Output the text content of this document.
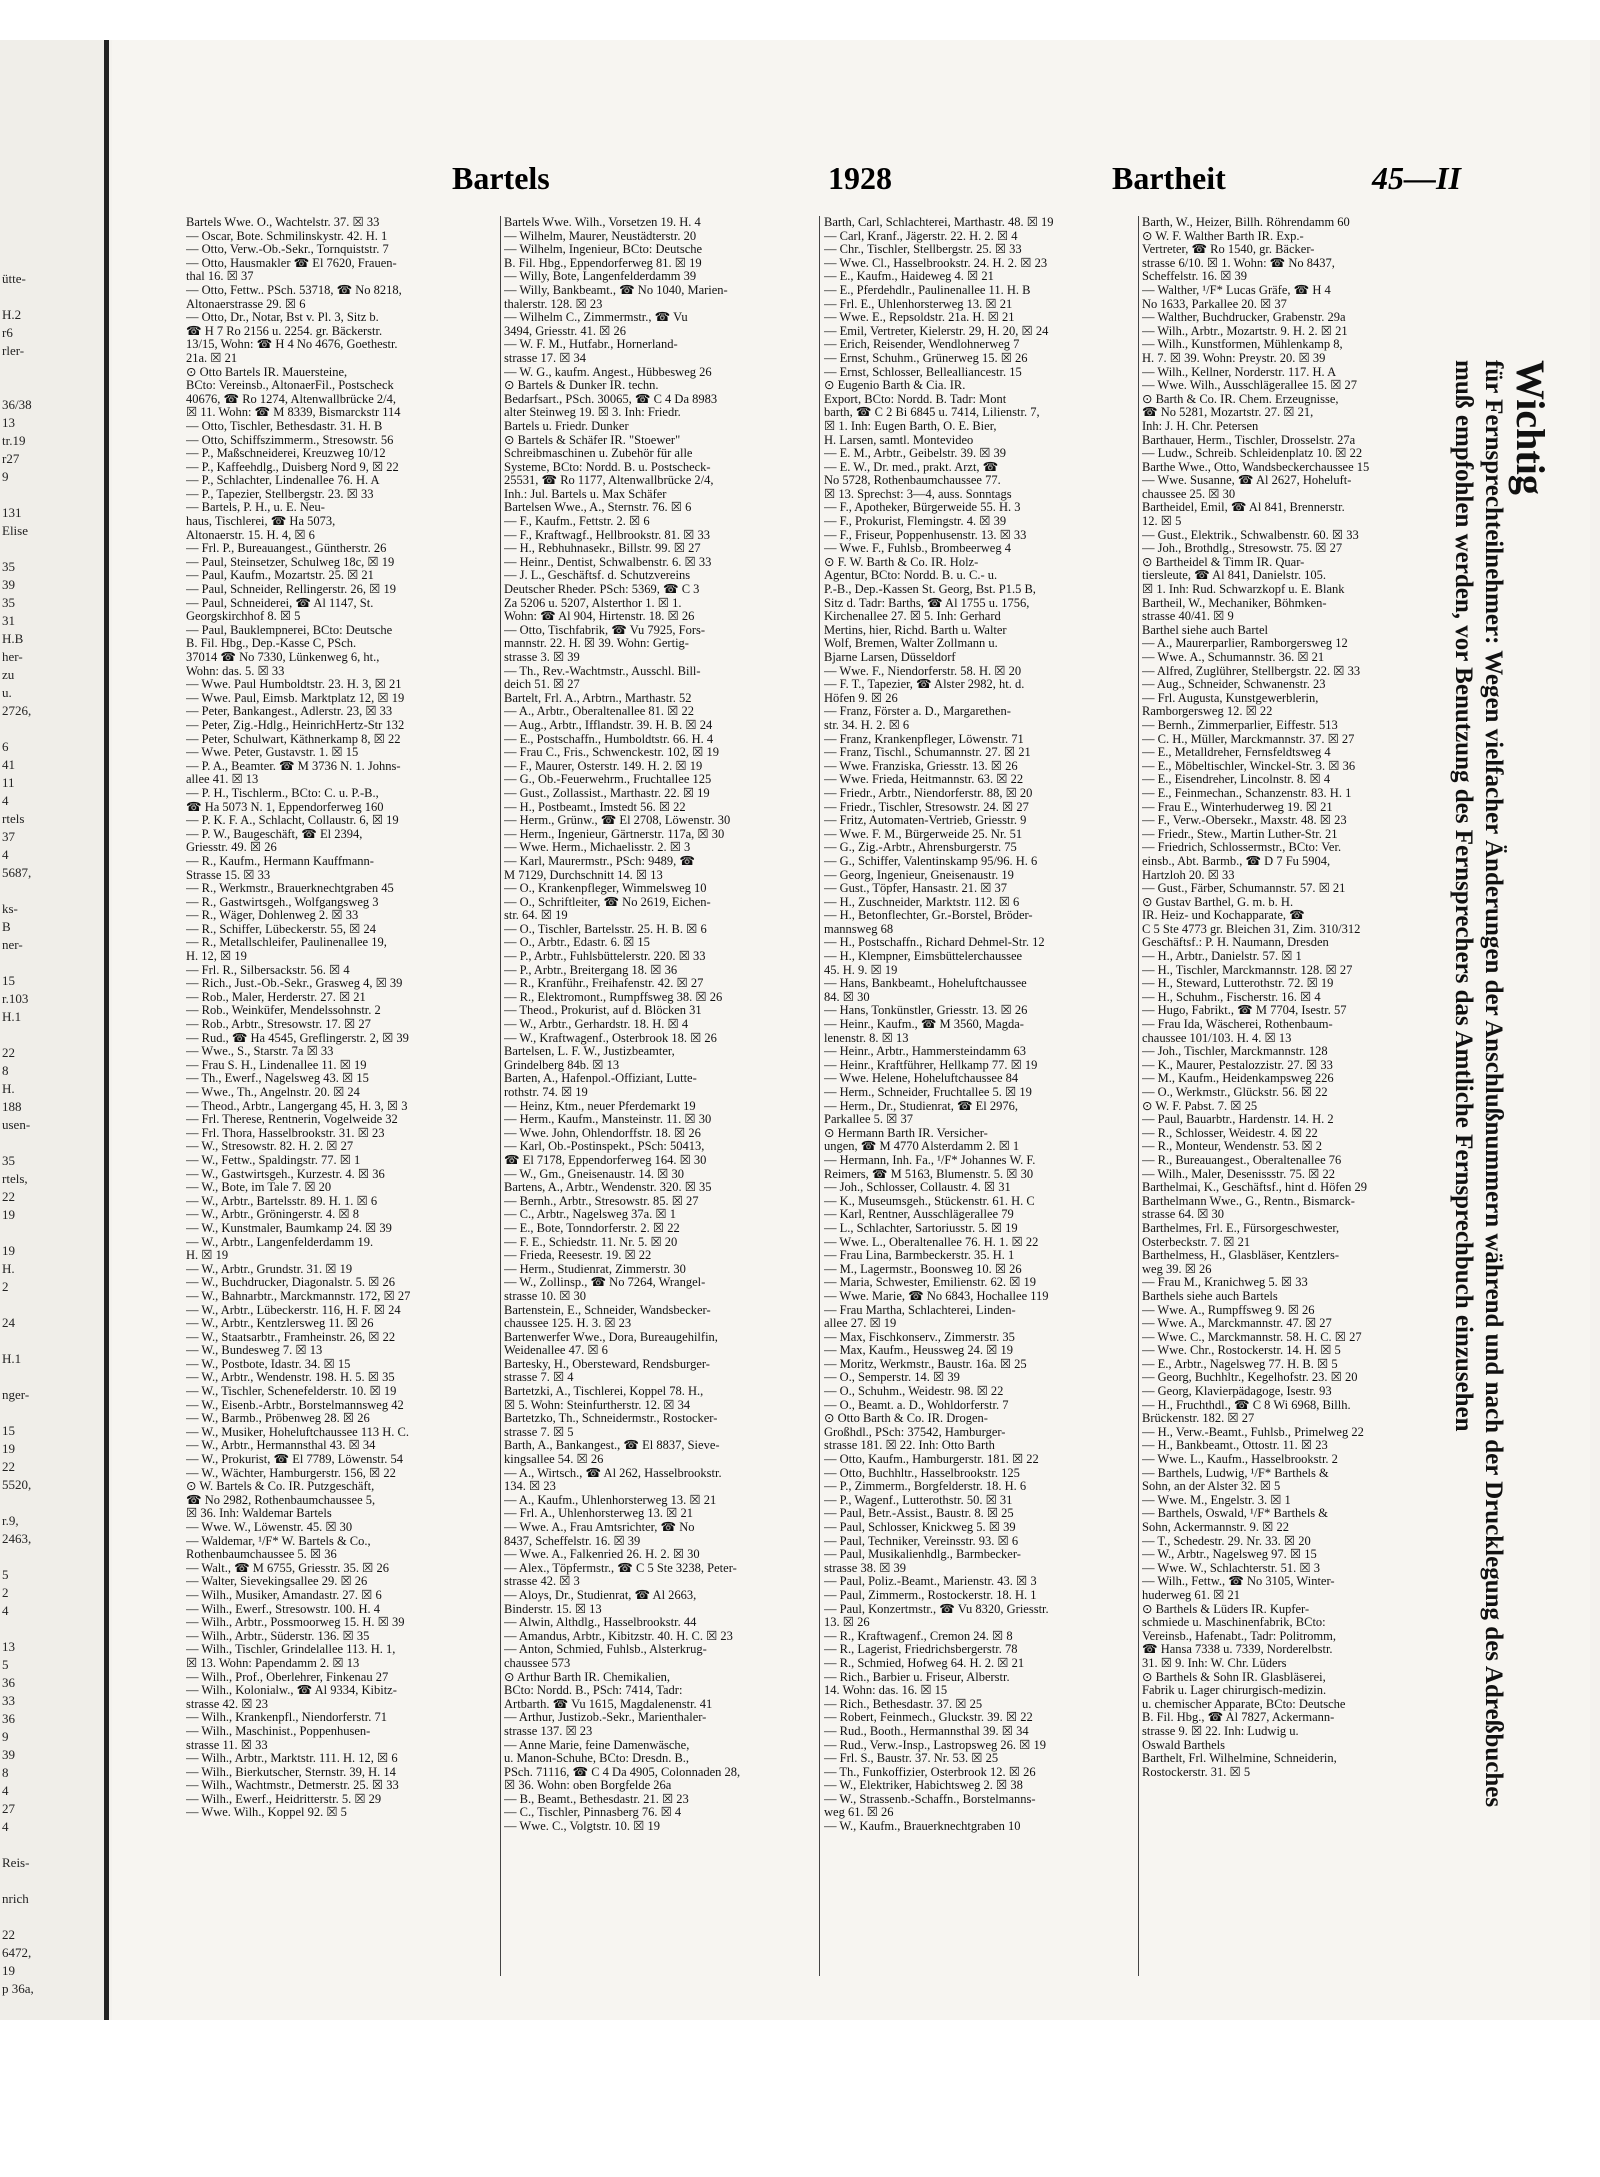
ütte-

H.2
r6
rler-

36/38
13
tr.19
r27
9

131
Elise

35
39
35
31
H.B
her-
zu
u.
2726,

6
41
11
4
rtels
37
4
5687,

ks-
B
ner-

15
r.103
H.1

22
8
H.
188
usen-

35
rtels,
22
19

19
H.
2

24

H.1

nger-

15
19
22
5520,

r.9,
2463,

5
2
4

13
5
36
33
36
9
39
8
4
27
4

Reis-

nrich

22
6472,
19
p 36a,

Bartels	1928	Bartheit	45—II
Bartels Wwe. O., Wachtelstr. 37. ☒ 33
— Oscar, Bote. Schmilinskystr. 42. H. 1
— Otto, Verw.-Ob.-Sekr., Tornquiststr. 7
— Otto, Hausmakler ☎ El 7620, Frauen-
thal 16. ☒ 37
— Otto, Fettw.. PSch. 53718, ☎ No 8218,
Altonaerstrasse 29. ☒ 6
— Otto, Dr., Notar, Bst v. Pl. 3, Sitz b.
☎ H 7 Ro 2156 u. 2254. gr. Bäckerstr.
13/15, Wohn: ☎ H 4 No 4676, Goethestr.
21a. ☒ 21
⊙ Otto Bartels IR. Mauersteine,
BCto: Vereinsb., AltonaerFil., Postscheck
40676, ☎ Ro 1274, Altenwallbrücke 2/4,
☒ 11. Wohn: ☎ M 8339, Bismarckstr 114
— Otto, Tischler, Bethesdastr. 31. H. B
— Otto, Schiffszimmerm., Stresowstr. 56
— P., Maßschneiderei, Kreuzweg 10/12
— P., Kaffeehdlg., Duisberg Nord 9, ☒ 22
— P., Schlachter, Lindenallee 76. H. A
— P., Tapezier, Stellbergstr. 23. ☒ 33
— Bartels, P. H., u. E. Neu-
haus, Tischlerei, ☎ Ha 5073,
Altonaerstr. 15. H. 4, ☒ 6
— Frl. P., Bureauangest., Güntherstr. 26
— Paul, Steinsetzer, Schulweg 18c, ☒ 19
— Paul, Kaufm., Mozartstr. 25. ☒ 21
— Paul, Schneider, Rellingerstr. 26, ☒ 19
— Paul, Schneiderei, ☎ Al 1147, St.
Georgskirchhof 8. ☒ 5
— Paul, Bauklempnerei, BCto: Deutsche
B. Fil. Hbg., Dep.-Kasse C, PSch.
37014 ☎ No 7330, Lünkenweg 6, ht.,
Wohn: das. 5. ☒ 33
— Wwe. Paul Humboldtstr. 23. H. 3, ☒ 21
— Wwe. Paul, Eimsb. Marktplatz 12, ☒ 19
— Peter, Bankangest., Adlerstr. 23, ☒ 33
— Peter, Zig.-Hdlg., HeinrichHertz-Str 132
— Peter, Schulwart, Käthnerkamp 8, ☒ 22
— Wwe. Peter, Gustavstr. 1. ☒ 15
— P. A., Beamter. ☎ M 3736 N. 1. Johns-
allee 41. ☒ 13
— P. H., Tischlerm., BCto: C. u. P.-B.,
☎ Ha 5073 N. 1, Eppendorferweg 160
— P. K. F. A., Schlacht, Collaustr. 6, ☒ 19
— P. W., Baugeschäft, ☎ El 2394,
Griesstr. 49. ☒ 26
— R., Kaufm., Hermann Kauffmann-
Strasse 15. ☒ 33
— R., Werkmstr., Brauerknechtgraben 45
— R., Gastwirtsgeh., Wolfgangsweg 3
— R., Wäger, Dohlenweg 2. ☒ 33
— R., Schiffer, Lübeckerstr. 55, ☒ 24
— R., Metallschleifer, Paulinenallee 19,
H. 12, ☒ 19
— Frl. R., Silbersackstr. 56. ☒ 4
— Rich., Just.-Ob.-Sekr., Grasweg 4, ☒ 39
— Rob., Maler, Herderstr. 27. ☒ 21
— Rob., Weinküfer, Mendelssohnstr. 2
— Rob., Arbtr., Stresowstr. 17. ☒ 27
— Rud., ☎ Ha 4545, Greflingerstr. 2, ☒ 39
— Wwe., S., Starstr. 7a ☒ 33
— Frau S. H., Lindenallee 11. ☒ 19
— Th., Ewerf., Nagelsweg 43. ☒ 15
— Wwe., Th., Angelnstr. 20. ☒ 24
— Theod., Arbtr., Langergang 45, H. 3, ☒ 3
— Frl. Therese, Rentnerin, Vogelweide 32
— Frl. Thora, Hasselbrookstr. 31. ☒ 23
— W., Stresowstr. 82. H. 2. ☒ 27
— W., Fettw., Spaldingstr. 77. ☒ 1
— W., Gastwirtsgeh., Kurzestr. 4. ☒ 36
— W., Bote, im Tale 7. ☒ 20
— W., Arbtr., Bartelsstr. 89. H. 1. ☒ 6
— W., Arbtr., Gröningerstr. 4. ☒ 8
— W., Kunstmaler, Baumkamp 24. ☒ 39
— W., Arbtr., Langenfelderdamm 19.
H. ☒ 19
— W., Arbtr., Grundstr. 31. ☒ 19
— W., Buchdrucker, Diagonalstr. 5. ☒ 26
— W., Bahnarbtr., Marckmannstr. 172, ☒ 27
— W., Arbtr., Lübeckerstr. 116, H. F. ☒ 24
— W., Arbtr., Kentzlersweg 11. ☒ 26
— W., Staatsarbtr., Framheinstr. 26, ☒ 22
— W., Bundesweg 7. ☒ 13
— W., Postbote, Idastr. 34. ☒ 15
— W., Arbtr., Wendenstr. 198. H. 5. ☒ 35
— W., Tischler, Schenefelderstr. 10. ☒ 19
— W., Eisenb.-Arbtr., Borstelmannsweg 42
— W., Barmb., Pröbenweg 28. ☒ 26
— W., Musiker, Hoheluftchaussee 113 H. C.
— W., Arbtr., Hermannsthal 43. ☒ 34
— W., Prokurist, ☎ El 7789, Löwenstr. 54
— W., Wächter, Hamburgerstr. 156, ☒ 22
⊙ W. Bartels & Co. IR. Putzgeschäft,
☎ No 2982, Rothenbaumchaussee 5,
☒ 36. Inh: Waldemar Bartels
— Wwe. W., Löwenstr. 45. ☒ 30
— Waldemar, ¹/F* W. Bartels & Co.,
Rothenbaumchaussee 5. ☒ 36
— Walt., ☎ M 6755, Griesstr. 35. ☒ 26
— Walter, Sievekingsallee 29. ☒ 26
— Wilh., Musiker, Amandastr. 27. ☒ 6
— Wilh., Ewerf., Stresowstr. 100. H. 4
— Wilh., Arbtr., Possmoorweg 15. H. ☒ 39
— Wilh., Arbtr., Süderstr. 136. ☒ 35
— Wilh., Tischler, Grindelallee 113. H. 1,
☒ 13. Wohn: Papendamm 2. ☒ 13
— Wilh., Prof., Oberlehrer, Finkenau 27
— Wilh., Kolonialw., ☎ Al 9334, Kibitz-
strasse 42. ☒ 23
— Wilh., Krankenpfl., Niendorferstr. 71
— Wilh., Maschinist., Poppenhusen-
strasse 11. ☒ 33
— Wilh., Arbtr., Marktstr. 111. H. 12, ☒ 6
— Wilh., Bierkutscher, Sternstr. 39, H. 14
— Wilh., Wachtmstr., Detmerstr. 25. ☒ 33
— Wilh., Ewerf., Heidritterstr. 5. ☒ 29
— Wwe. Wilh., Koppel 92. ☒ 5
Bartels Wwe. Wilh., Vorsetzen 19. H. 4
— Wilhelm, Maurer, Neustädterstr. 20
— Wilhelm, Ingenieur, BCto: Deutsche
B. Fil. Hbg., Eppendorferweg 81. ☒ 19
— Willy, Bote, Langenfelderdamm 39
— Willy, Bankbeamt., ☎ No 1040, Marien-
thalerstr. 128. ☒ 23
— Wilhelm C., Zimmermstr., ☎ Vu
3494, Griesstr. 41. ☒ 26
— W. F. M., Hutfabr., Hornerland-
strasse 17. ☒ 34
— W. G., kaufm. Angest., Hübbesweg 26
⊙ Bartels & Dunker IR. techn.
Bedarfsart., PSch. 30065, ☎ C 4 Da 8983
alter Steinweg 19. ☒ 3. Inh: Friedr.
Bartels u. Friedr. Dunker
⊙ Bartels & Schäfer IR. "Stoewer"
Schreibmaschinen u. Zubehör für alle
Systeme, BCto: Nordd. B. u. Postscheck-
25531, ☎ Ro 1177, Altenwallbrücke 2/4,
Inh.: Jul. Bartels u. Max Schäfer
Bartelsen Wwe., A., Sternstr. 76. ☒ 6
— F., Kaufm., Fettstr. 2. ☒ 6
— F., Kraftwagf., Hellbrookstr. 81. ☒ 33
— H., Rebhuhnasekr., Billstr. 99. ☒ 27
— Heinr., Dentist, Schwalbenstr. 6. ☒ 33
— J. L., Geschäftsf. d. Schutzvereins
Deutscher Rheder. PSch: 5369, ☎ C 3
Za 5206 u. 5207, Alsterthor 1. ☒ 1.
Wohn: ☎ Al 904, Hirtenstr. 18. ☒ 26
— Otto, Tischfabrik, ☎ Vu 7925, Fors-
mannstr. 22. H. ☒ 39. Wohn: Gertig-
strasse 3. ☒ 39
— Th., Rev.-Wachtmstr., Ausschl. Bill-
deich 51. ☒ 27
Bartelt, Frl. A., Arbtrn., Marthastr. 52
— A., Arbtr., Oberaltenallee 81. ☒ 22
— Aug., Arbtr., Ifflandstr. 39. H. B. ☒ 24
— E., Postschaffn., Humboldtstr. 66. H. 4
— Frau C., Fris., Schwenckestr. 102, ☒ 19
— F., Maurer, Osterstr. 149. H. 2. ☒ 19
— G., Ob.-Feuerwehrm., Fruchtallee 125
— Gust., Zollassist., Marthastr. 22. ☒ 19
— H., Postbeamt., Imstedt 56. ☒ 22
— Herm., Grünw., ☎ El 2708, Löwenstr. 30
— Herm., Ingenieur, Gärtnerstr. 117a, ☒ 30
— Wwe. Herm., Michaelisstr. 2. ☒ 3
— Karl, Maurermstr., PSch: 9489, ☎
M 7129, Durchschnitt 14. ☒ 13
— O., Krankenpfleger, Wimmelsweg 10
— O., Schriftleiter, ☎ No 2619, Eichen-
str. 64. ☒ 19
— O., Tischler, Bartelsstr. 25. H. B. ☒ 6
— O., Arbtr., Edastr. 6. ☒ 15
— P., Arbtr., Fuhlsbüttelerstr. 220. ☒ 33
— P., Arbtr., Breitergang 18. ☒ 36
— R., Kranführ., Freihafenstr. 42. ☒ 27
— R., Elektromont., Rumpffsweg 38. ☒ 26
— Theod., Prokurist, auf d. Blöcken 31
— W., Arbtr., Gerhardstr. 18. H. ☒ 4
— W., Kraftwagenf., Osterbrook 18. ☒ 26
Bartelsen, L. F. W., Justizbeamter,
Grindelberg 84b. ☒ 13
Barten, A., Hafenpol.-Offiziant, Lutte-
rothstr. 74. ☒ 19
— Heinz, Ktm., neuer Pferdemarkt 19
— Herm., Kaufm., Mansteinstr. 11. ☒ 30
— Wwe. John, Ohlendorffstr. 18. ☒ 26
— Karl, Ob.-Postinspekt., PSch: 50413,
☎ El 7178, Eppendorferweg 164. ☒ 30
— W., Gm., Gneisenaustr. 14. ☒ 30
Bartens, A., Arbtr., Wendenstr. 320. ☒ 35
— Bernh., Arbtr., Stresowstr. 85. ☒ 27
— C., Arbtr., Nagelsweg 37a. ☒ 1
— E., Bote, Tonndorferstr. 2. ☒ 22
— F. E., Schiedstr. 11. Nr. 5. ☒ 20
— Frieda, Reesestr. 19. ☒ 22
— Herm., Studienrat, Zimmerstr. 30
— W., Zollinsp., ☎ No 7264, Wrangel-
strasse 10. ☒ 30
Bartenstein, E., Schneider, Wandsbecker-
chaussee 125. H. 3. ☒ 23
Bartenwerfer Wwe., Dora, Bureaugehilfin,
Weidenallee 47. ☒ 6
Bartesky, H., Obersteward, Rendsburger-
strasse 7. ☒ 4
Bartetzki, A., Tischlerei, Koppel 78. H.,
☒ 5. Wohn: Steinfurtherstr. 12. ☒ 34
Bartetzko, Th., Schneidermstr., Rostocker-
strasse 7. ☒ 5
Barth, A., Bankangest., ☎ El 8837, Sieve-
kingsallee 54. ☒ 26
— A., Wirtsch., ☎ Al 262, Hasselbrookstr.
134. ☒ 23
— A., Kaufm., Uhlenhorsterweg 13. ☒ 21
— Frl. A., Uhlenhorsterweg 13. ☒ 21
— Wwe. A., Frau Amtsrichter, ☎ No
8437, Scheffelstr. 16. ☒ 39
— Wwe. A., Falkenried 26. H. 2. ☒ 30
— Alex., Töpfermstr., ☎ C 5 Ste 3238, Peter-
strasse 42. ☒ 3
— Aloys, Dr., Studienrat, ☎ Al 2663,
Binderstr. 15. ☒ 13
— Alwin, Althdlg., Hasselbrookstr. 44
— Amandus, Arbtr., Kibitzstr. 40. H. C. ☒ 23
— Anton, Schmied, Fuhlsb., Alsterkrug-
chaussee 573
⊙ Arthur Barth IR. Chemikalien,
BCto: Nordd. B., PSch: 7414, Tadr:
Artbarth. ☎ Vu 1615, Magdalenenstr. 41
— Arthur, Justizob.-Sekr., Marienthaler-
strasse 137. ☒ 23
— Anne Marie, feine Damenwäsche,
u. Manon-Schuhe, BCto: Dresdn. B.,
PSch. 71116, ☎ C 4 Da 4905, Colonnaden 28,
☒ 36. Wohn: oben Borgfelde 26a
— B., Beamt., Bethesdastr. 21. ☒ 23
— C., Tischler, Pinnasberg 76. ☒ 4
— Wwe. C., Volgtstr. 10. ☒ 19
Barth, Carl, Schlachterei, Marthastr. 48. ☒ 19
— Carl, Kranf., Jägerstr. 22. H. 2. ☒ 4
— Chr., Tischler, Stellbergstr. 25. ☒ 33
— Wwe. Cl., Hasselbrookstr. 24. H. 2. ☒ 23
— E., Kaufm., Haideweg 4. ☒ 21
— E., Pferdehdlr., Paulinenallee 11. H. B
— Frl. E., Uhlenhorsterweg 13. ☒ 21
— Wwe. E., Repsoldstr. 21a. H. ☒ 21
— Emil, Vertreter, Kielerstr. 29, H. 20, ☒ 24
— Erich, Reisender, Wendlohnerweg 7
— Ernst, Schuhm., Grünerweg 15. ☒ 26
— Ernst, Schlosser, Bellealliancestr. 15
⊙ Eugenio Barth & Cia. IR.
Export, BCto: Nordd. B. Tadr: Mont
barth, ☎ C 2 Bi 6845 u. 7414, Lilienstr. 7,
☒ 1. Inh: Eugen Barth, O. E. Bier,
H. Larsen, samtl. Montevideo
— E. M., Arbtr., Geibelstr. 39. ☒ 39
— E. W., Dr. med., prakt. Arzt, ☎
No 5728, Rothenbaumchaussee 77.
☒ 13. Sprechst: 3—4, auss. Sonntags
— F., Apotheker, Bürgerweide 55. H. 3
— F., Prokurist, Flemingstr. 4. ☒ 39
— F., Friseur, Poppenhusenstr. 13. ☒ 33
— Wwe. F., Fuhlsb., Brombeerweg 4
⊙ F. W. Barth & Co. IR. Holz-
Agentur, BCto: Nordd. B. u. C.- u.
P.-B., Dep.-Kassen St. Georg, Bst. P1.5 B,
Sitz d. Tadr: Barths, ☎ Al 1755 u. 1756,
Kirchenallee 27. ☒ 5. Inh: Gerhard
Mertins, hier, Richd. Barth u. Walter
Wolf, Bremen, Walter Zollmann u.
Bjarne Larsen, Düsseldorf
— Wwe. F., Niendorferstr. 58. H. ☒ 20
— F. T., Tapezier, ☎ Alster 2982, ht. d.
Höfen 9. ☒ 26
— Franz, Förster a. D., Margarethen-
str. 34. H. 2. ☒ 6
— Franz, Krankenpfleger, Löwenstr. 71
— Franz, Tischl., Schumannstr. 27. ☒ 21
— Wwe. Franziska, Griesstr. 13. ☒ 26
— Wwe. Frieda, Heitmannstr. 63. ☒ 22
— Friedr., Arbtr., Niendorferstr. 88, ☒ 20
— Friedr., Tischler, Stresowstr. 24. ☒ 27
— Fritz, Automaten-Vertrieb, Griesstr. 9
— Wwe. F. M., Bürgerweide 25. Nr. 51
— G., Zig.-Arbtr., Ahrensburgerstr. 75
— G., Schiffer, Valentinskamp 95/96. H. 6
— Georg, Ingenieur, Gneisenaustr. 19
— Gust., Töpfer, Hansastr. 21. ☒ 37
— H., Zuschneider, Marktstr. 112. ☒ 6
— H., Betonflechter, Gr.-Borstel, Bröder-
mannsweg 68
— H., Postschaffn., Richard Dehmel-Str. 12
— H., Klempner, Eimsbüttelerchaussee
45. H. 9. ☒ 19
— Hans, Bankbeamt., Hoheluftchaussee
84. ☒ 30
— Hans, Tonkünstler, Griesstr. 13. ☒ 26
— Heinr., Kaufm., ☎ M 3560, Magda-
lenenstr. 8. ☒ 13
— Heinr., Arbtr., Hammersteindamm 63
— Heinr., Kraftführer, Hellkamp 77. ☒ 19
— Wwe. Helene, Hoheluftchaussee 84
— Herm., Schneider, Fruchtallee 5. ☒ 19
— Herm., Dr., Studienrat, ☎ El 2976,
Parkallee 5. ☒ 37
⊙ Hermann Barth IR. Versicher-
ungen, ☎ M 4770 Alsterdamm 2. ☒ 1
— Hermann, Inh. Fa., ¹/F* Johannes W. F.
Reimers, ☎ M 5163, Blumenstr. 5. ☒ 30
— Joh., Schlosser, Collaustr. 4. ☒ 31
— K., Museumsgeh., Stückenstr. 61. H. C
— Karl, Rentner, Ausschlägerallee 79
— L., Schlachter, Sartoriusstr. 5. ☒ 19
— Wwe. L., Oberaltenallee 76. H. 1. ☒ 22
— Frau Lina, Barmbeckerstr. 35. H. 1
— M., Lagermstr., Boonsweg 10. ☒ 26
— Maria, Schwester, Emilienstr. 62. ☒ 19
— Wwe. Marie, ☎ No 6843, Hochallee 119
— Frau Martha, Schlachterei, Linden-
allee 27. ☒ 19
— Max, Fischkonserv., Zimmerstr. 35
— Max, Kaufm., Heussweg 24. ☒ 19
— Moritz, Werkmstr., Baustr. 16a. ☒ 25
— O., Semperstr. 14. ☒ 39
— O., Schuhm., Weidestr. 98. ☒ 22
— O., Beamt. a. D., Wohldorferstr. 7
⊙ Otto Barth & Co. IR. Drogen-
Großhdl., PSch: 37542, Hamburger-
strasse 181. ☒ 22. Inh: Otto Barth
— Otto, Kaufm., Hamburgerstr. 181. ☒ 22
— Otto, Buchhltr., Hasselbrookstr. 125
— P., Zimmerm., Borgfelderstr. 18. H. 6
— P., Wagenf., Lutterothstr. 50. ☒ 31
— Paul, Betr.-Assist., Baustr. 8. ☒ 25
— Paul, Schlosser, Knickweg 5. ☒ 39
— Paul, Techniker, Vereinsstr. 93. ☒ 6
— Paul, Musikalienhdlg., Barmbecker-
strasse 38. ☒ 39
— Paul, Poliz.-Beamt., Marienstr. 43. ☒ 3
— Paul, Zimmerm., Rostockerstr. 18. H. 1
— Paul, Konzertmstr., ☎ Vu 8320, Griesstr.
13. ☒ 26
— R., Kraftwagenf., Cremon 24. ☒ 8
— R., Lagerist, Friedrichsbergerstr. 78
— R., Schmied, Hofweg 64. H. 2. ☒ 21
— Rich., Barbier u. Friseur, Alberstr.
14. Wohn: das. 16. ☒ 15
— Rich., Bethesdastr. 37. ☒ 25
— Robert, Feinmech., Gluckstr. 39. ☒ 22
— Rud., Booth., Hermannsthal 39. ☒ 34
— Rud., Verw.-Insp., Lastropsweg 26. ☒ 19
— Frl. S., Baustr. 37. Nr. 53. ☒ 25
— Th., Funkoffizier, Osterbrook 12. ☒ 26
— W., Elektriker, Habichtsweg 2. ☒ 38
— W., Strassenb.-Schaffn., Borstelmanns-
weg 61. ☒ 26
— W., Kaufm., Brauerknechtgraben 10
Barth, W., Heizer, Billh. Röhrendamm 60
⊙ W. F. Walther Barth IR. Exp.-
Vertreter, ☎ Ro 1540, gr. Bäcker-
strasse 6/10. ☒ 1. Wohn: ☎ No 8437,
Scheffelstr. 16. ☒ 39
— Walther, ¹/F* Lucas Gräfe, ☎ H 4
No 1633, Parkallee 20. ☒ 37
— Walther, Buchdrucker, Grabenstr. 29a
— Wilh., Arbtr., Mozartstr. 9. H. 2. ☒ 21
— Wilh., Kunstformen, Mühlenkamp 8,
H. 7. ☒ 39. Wohn: Preystr. 20. ☒ 39
— Wilh., Kellner, Norderstr. 117. H. A
— Wwe. Wilh., Ausschlägerallee 15. ☒ 27
⊙ Barth & Co. IR. Chem. Erzeugnisse,
☎ No 5281, Mozartstr. 27. ☒ 21,
Inh: J. H. Chr. Petersen
Barthauer, Herm., Tischler, Drosselstr. 27a
— Ludw., Schreib. Schleidenplatz 10. ☒ 22
Barthe Wwe., Otto, Wandsbeckerchaussee 15
— Wwe. Susanne, ☎ Al 2627, Hoheluft-
chaussee 25. ☒ 30
Bartheidel, Emil, ☎ Al 841, Brennerstr.
12. ☒ 5
— Gust., Elektrik., Schwalbenstr. 60. ☒ 33
— Joh., Brothdlg., Stresowstr. 75. ☒ 27
⊙ Bartheidel & Timm IR. Quar-
tiersleute, ☎ Al 841, Danielstr. 105.
☒ 1. Inh: Rud. Schwarzkopf u. E. Blank
Bartheil, W., Mechaniker, Böhmken-
strasse 40/41. ☒ 9
Barthel siehe auch Bartel
— A., Maurerparlier, Ramborgersweg 12
— Wwe. A., Schumannstr. 36. ☒ 21
— Alfred, Zuglührer, Stellbergstr. 22. ☒ 33
— Aug., Schneider, Schwanenstr. 23
— Frl. Augusta, Kunstgewerblerin,
Ramborgersweg 12. ☒ 22
— Bernh., Zimmerparlier, Eiffestr. 513
— C. H., Müller, Marckmannstr. 37. ☒ 27
— E., Metalldreher, Fernsfeldtsweg 4
— E., Möbeltischler, Winckel-Str. 3. ☒ 36
— E., Eisendreher, Lincolnstr. 8. ☒ 4
— E., Feinmechan., Schanzenstr. 83. H. 1
— Frau E., Winterhuderweg 19. ☒ 21
— F., Verw.-Obersekr., Maxstr. 48. ☒ 23
— Friedr., Stew., Martin Luther-Str. 21
— Friedrich, Schlossermstr., BCto: Ver.
einsb., Abt. Barmb., ☎ D 7 Fu 5904,
Hartzloh 20. ☒ 33
— Gust., Färber, Schumannstr. 57. ☒ 21
⊙ Gustav Barthel, G. m. b. H.
IR. Heiz- und Kochapparate, ☎
C 5 Ste 4773 gr. Bleichen 31, Zim. 310/312
Geschäftsf.: P. H. Naumann, Dresden
— H., Arbtr., Danielstr. 57. ☒ 1
— H., Tischler, Marckmannstr. 128. ☒ 27
— H., Steward, Lutterothstr. 72. ☒ 19
— H., Schuhm., Fischerstr. 16. ☒ 4
— Hugo, Fabrikt., ☎ M 7704, Isestr. 57
— Frau Ida, Wäscherei, Rothenbaum-
chaussee 101/103. H. 4. ☒ 13
— Joh., Tischler, Marckmannstr. 128
— K., Maurer, Pestalozzistr. 27. ☒ 33
— M., Kaufm., Heidenkampsweg 226
— O., Werkmstr., Glückstr. 56. ☒ 22
⊙ W. F. Pabst. 7. ☒ 25
— Paul, Bauarbtr., Hardenstr. 14. H. 2
— R., Schlosser, Weidestr. 4. ☒ 22
— R., Monteur, Wendenstr. 53. ☒ 2
— R., Bureauangest., Oberaltenallee 76
— Wilh., Maler, Desenissstr. 75. ☒ 22
Barthelmai, K., Geschäftsf., hint d. Höfen 29
Barthelmann Wwe., G., Rentn., Bismarck-
strasse 64. ☒ 30
Barthelmes, Frl. E., Fürsorgeschwester,
Osterbeckstr. 7. ☒ 21
Barthelmess, H., Glasbläser, Kentzlers-
weg 39. ☒ 26
— Frau M., Kranichweg 5. ☒ 33
Barthels siehe auch Bartels
— Wwe. A., Rumpffsweg 9. ☒ 26
— Wwe. A., Marckmannstr. 47. ☒ 27
— Wwe. C., Marckmannstr. 58. H. C. ☒ 27
— Wwe. Chr., Rostockerstr. 14. H. ☒ 5
— E., Arbtr., Nagelsweg 77. H. B. ☒ 5
— Georg, Buchhltr., Kegelhofstr. 23. ☒ 20
— Georg, Klavierpädagoge, Isestr. 93
— H., Fruchthdl., ☎ C 8 Wi 6968, Billh.
Brückenstr. 182. ☒ 27
— H., Verw.-Beamt., Fuhlsb., Primelweg 22
— H., Bankbeamt., Ottostr. 11. ☒ 23
— Wwe. L., Kaufm., Hasselbrookstr. 2
— Barthels, Ludwig, ¹/F* Barthels &
Sohn, an der Alster 32. ☒ 5
— Wwe. M., Engelstr. 3. ☒ 1
— Barthels, Oswald, ¹/F* Barthels &
Sohn, Ackermannstr. 9. ☒ 22
— T., Schedestr. 29. Nr. 33. ☒ 20
— W., Arbtr., Nagelsweg 97. ☒ 15
— Wwe. W., Schlachterstr. 51. ☒ 3
— Wilh., Fettw., ☎ No 3105, Winter-
huderweg 61. ☒ 21
⊙ Barthels & Lüders IR. Kupfer-
schmiede u. Maschinenfabrik, BCto:
Vereinsb., Hafenabt., Tadr: Politromm,
☎ Hansa 7338 u. 7339, Norderelbstr.
31. ☒ 9. Inh: W. Chr. Lüders
⊙ Barthels & Sohn IR. Glasbläserei,
Fabrik u. Lager chirurgisch-medizin.
u. chemischer Apparate, BCto: Deutsche
B. Fil. Hbg., ☎ Al 7827, Ackermann-
strasse 9. ☒ 22. Inh: Ludwig u.
Oswald Barthels
Barthelt, Frl. Wilhelmine, Schneiderin,
Rostockerstr. 31. ☒ 5
Wichtig
für Fernsprechteilnehmer: Wegen vielfacher Änderungen der Anschlußnummern während und nach der Drucklegung des Adreßbuches muß empfohlen werden, vor Benutzung des Fernsprechers das Amtliche Fernsprechbuch einzusehen
